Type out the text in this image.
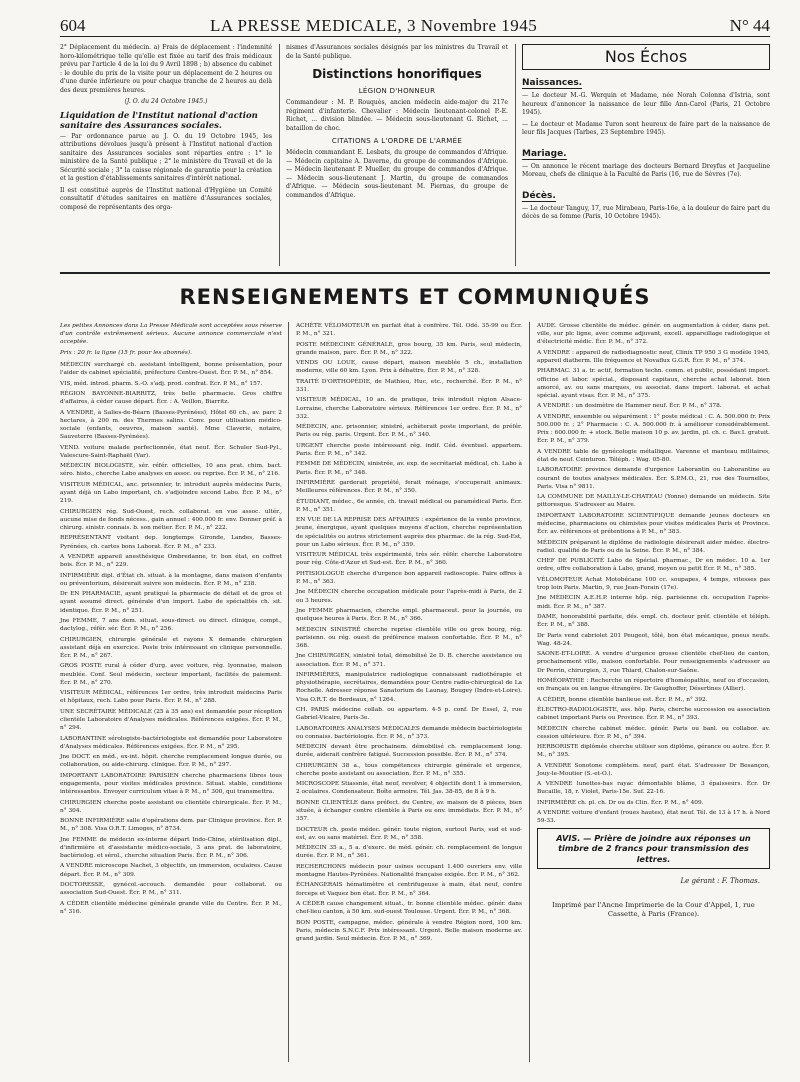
604	LA PRESSE MEDICALE, 3 Novembre 1945	N° 44

2° Déplacement du médecin. a) Frais de déplacement : l'indemnité horo-kilométrique telle qu'elle est fixée au tarif des frais médicaux prévu par l'article 4 de la loi du 9 Avril 1898 ; b) absence du cabinet : le double du prix de la visite pour un déplacement de 2 heures ou d'une durée inférieure ou pour chaque tranche de 2 heures au delà des deux premières heures.

(J. O. du 24 Octobre 1945.)

Liquidation de l'Institut national d'action sanitaire des Assurances sociales.

— Par ordonnance parue au J. O. du 19 Octobre 1945, les attributions dévolues jusqu'à présent à l'Institut national d'action sanitaire des Assurances sociales sont réparties entre : 1° le ministère de la Santé publique ; 2° le ministère du Travail et de la Sécurité sociale ; 3° la caisse régionale de garantie pour la création et la gestion d'établissements sanitaires d'intérêt national.

Il est constitué auprès de l'Institut national d'Hygiène un Comité consultatif d'études sanitaires en matière d'Assurances sociales, composé de représentants des orga-

nismes d'Assurances sociales désignés par les ministres du Travail et de la Santé publique.

Distinctions honorifiques
LÉGION D'HONNEUR

Commandeur : M. P. Rouquès, ancien médecin aide-major du 217e régiment d'infanterie. Chevalier : Médecin lieutenant-colonel P.-E. Richet, ... division blindée. — Médecin sous-lieutenant G. Richet, ... bataillon de choc.

CITATIONS A L'ORDRE DE L'ARMÉE

Médecin commandant E. Lesbats, du groupe de commandos d'Afrique. — Médecin capitaine A. Daverne, du groupe de commandos d'Afrique. — Médecin lieutenant P. Mueller, du groupe de commandos d'Afrique. — Médecin sous-lieutenant J. Martin, du groupe de commandos d'Afrique. — Médecin sous-lieutenant M. Piernas, du groupe de commandos d'Afrique.

Nos Échos
Naissances.

— Le docteur M.-G. Werquin et Madame, née Norah Colonna d'Istria, sont heureux d'annoncer la naissance de leur fille Ann-Carol (Paris, 21 Octobre 1945).

— Le docteur et Madame Turon sont heureux de faire part de la naissance de leur fils Jacques (Tarbes, 23 Septembre 1945).

Mariage.

— On annonce le récent mariage des docteurs Bernard Dreyfus et Jacqueline Moreau, chefs de clinique à la Faculté de Paris (16, rue de Sèvres (7e).

Décès.

— Le docteur Tanguy, 17, rue Mirabeau, Paris-16e, a la douleur de faire part du décès de sa femme (Paris, 10 Octobre 1945).

RENSEIGNEMENTS ET COMMUNIQUÉS

Les petites Annonces dans La Presse Médicale sont acceptées sous réserve d'un contrôle extrêmement sérieux. Aucune annonce commerciale n'est acceptée.

Prix : 20 fr. la ligne (15 fr. pour les abonnés).

MÉDECIN surchargé ch. assistant intelligent, bonne présentation, pour l'aider ds cabinet spécialité, préfecture Centre-Ouest. Écr. P. M., n° 854.

VIS, méd. introd. pharm. S.-O. s'adj. prod. confrat. Écr. P. M., n° 157.

RÉGION BAYONNE-BIARRITZ, très belle pharmacie. Gros chiffre d'affaires, à céder cause départ. Écr. : A. Veillon, Biarritz.

A VENDRE, à Salies-de-Béarn (Basses-Pyrénées), Hôtel 60 ch., av. parc 2 hectares, à 200 m. des Thermes salins. Conv. pour utilisation médico-sociale (enfants, oeuvres, maison santé). Mme Claverie, notaire, Sauveterre (Basses-Pyrénées).

VEND. voiture malade perfectionnée, état neuf. Écr. Schuler Sud-Pyl., Valescure-Saint-Raphaël (Var).

MÉDECIN BIOLOGISTE, sér. référ. officielles, 10 ans prat. chim. bact. séro. histo., cherche Labo analyses en assoc. ou reprise. Écr. P. M., n° 216.

VISITEUR MÉDICAL, anc. prisonnier, tr. introduit auprès médecins Paris, ayant déjà un Labo important, ch. s'adjoindre second Labo. Écr. P. M., n° 219.

CHIRURGIEN rég. Sud-Ouest, rech. collaborat. en vue assoc. ultér., aucune mise de fonds nécess., gain annuel : 400.000 fr. env. Donner préf. à chirurg. sinistr. connais. b. son métier. Écr. P. M., n° 222.

REPRÉSENTANT visitant dep. longtemps Gironde, Landes, Basses-Pyrénées, ch. cartes bons Laborat. Écr. P. M., n° 233.

A VENDRE appareil anesthésique Ombredanne, tr. bon état, en coffret bois. Écr. P. M., n° 229.

INFIRMIÈRE dipl. d'État ch. situat. à la montagne, dans maison d'enfants ou préventorium, désirerait suivre son médecin. Écr. P. M., n° 238.

Dr EN PHARMACIE, ayant pratiqué la pharmacie de détail et de gros et ayant assumé direct. générale d'un import. Labo de spécialités ch. sit. identique. Écr. P. M., n° 251.

Jne FEMME, 7 ans dem. situat. sous-direct. ou direct. clinique, compt., dactylog., référ. sér. Écr. P. M., n° 256.

CHIRURGIEN, chirurgie générale et rayons X demande chirurgien assistant déjà en exercice. Poste très intéressant en clinique personnelle. Écr. P. M., n° 267.

GROS POSTE rural à céder d'urg. avec voiture, rég. lyonnaise, maison meublée. Conf. Seul médecin, secteur important, facilités de paiement. Écr. P. M., n° 270.

VISITEUR MÉDICAL, références 1er ordre, très introduit médecins Paris et hôpitaux, rech. Labo pour Paris. Écr. P. M., n° 288.

UNE SECRÉTAIRE MÉDICALE (25 à 35 ans) est demandée pour réception clientèle Laboratoire d'Analyses médicales. Références exigées. Écr. P. M., n° 294.

LABORANTINE sérologiste-bactériologiste est demandée pour Laboratoire d'Analyses médicales. Références exigées. Écr. P. M., n° 295.

Jne DOCT. en méd., ex-int. hôpit. cherche remplacement longue durée, ou collaboration, ou aide-chirurg. clinique. Écr. P. M., n° 297.

IMPORTANT LABORATOIRE PARISIEN cherche pharmaciens libres tous engagements, pour visites médicales province. Situat. stable, conditions intéressantes. Envoyer curriculum vitae à P. M., n° 300, qui transmettra.

CHIRURGIEN cherche poste assistant ou clientèle chirurgicale. Écr. P. M., n° 304.

BONNE INFIRMIÈRE salle d'opérations dem. par Clinique province. Écr. P. M., n° 308. Visa O.R.T. Limoges, n° 8734.

Jne FEMME de médecin ex-interne départ Indo-Chine, stérilisation dipl., d'infirmière et d'assistante médico-sociale, 3 ans prat. de laboratoire, bactériolog. et sérol., cherche situation Paris. Écr. P. M., n° 306.

A VENDRE microscope Nachet, 3 objectifs, un immersion, oculaires. Cause départ. Écr. P. M., n° 309.

DOCTORESSE, gynécol.-accouch. demandée pour collaborat. ou association Sud-Ouest. Écr. P. M., n° 311.

A CÉDER clientèle médecine générale grande ville du Centre. Écr. P. M., n° 316.

ACHÈTE VÉLOMOTEUR en parfait état à confrère. Tél. Odé. 35-99 ou Écr. P. M., n° 321.

POSTE MÉDECINE GÉNÉRALE, gros bourg, 35 km. Paris, seul médecin, grande maison, parc. Écr. P. M., n° 322.

VENDS OU LOUE, cause départ, maison meublée 5 ch., installation moderne, ville 60 km. Lyon. Prix à débattre. Écr. P. M., n° 328.

TRAITÉ D'ORTHOPÉDIE, de Mathieu, Huc, etc., recherché. Écr. P. M., n° 331.

VISITEUR MÉDICAL, 10 an. de pratique, très introduit région Alsace-Lorraine, cherche Laboratoire sérieux. Références 1er ordre. Écr. P. M., n° 332.

MÉDECIN, anc. prisonnier, sinistré, achèterait poste important, de préfér. Paris ou rég. paris. Urgent. Écr. P. M., n° 340.

URGENT cherche poste intéressant rég. indif. Céd. éventuel. appartem. Paris. Écr. P. M., n° 342.

FEMME DE MÉDECIN, sinistrée, av. exp. de secrétariat médical, ch. Labo à Paris. Écr. P. M., n° 348.

INFIRMIÈRE garderait propriété, ferait ménage, s'occuperait animaux. Meilleures références. Écr. P. M., n° 350.

ÉTUDIANT, médec., 6e année, ch. travail médical ou paramédical Paris. Écr. P. M., n° 351.

EN VUE DE LA REPRISE DES AFFAIRES : expérience de la vente province, jeune, énergique, ayant quelques moyens d'action, cherche représentation de spécialités ou autres strictement auprès des pharmac. de la rég. Sud-Est, pour un Labo sérieux. Écr. P. M., n° 359.

VISITEUR MÉDICAL très expérimenté, très sér. référ. cherche Laboratoire pour rég. Côte-d'Azur et Sud-est. Écr. P. M., n° 360.

PHTISIOLOGUE cherche d'urgence bon appareil radioscopie. Faire offres à P. M., n° 363.

Jne MÉDECIN cherche occupation médicale pour l'après-midi à Paris, de 2 ou 3 heures.

Jne FEMME pharmacien, cherche empl. pharmaceut. pour la journée, ou quelques heures à Paris. Écr. P. M., n° 366.

MÉDECIN SINISTRÉ cherche reprise clientèle ville ou gros bourg, rég. parisienn. ou rég. ouest de préférence maison confortable. Écr. P. M., n° 368.

Jne CHIRURGIEN, sinistré total, démobilisé 2e D. B. cherche assistance ou association. Écr. P. M., n° 371.

INFIRMIÈRES, manipulatrice radiologique connaissant radiothérapie et physiothérapie, secrétaires, demandées pour Centre radio-chirurgical de La Rochelle. Adresser réponse Sanatorium de Launay, Bougey (Indre-et-Loire). Visa O.R.T. de Bordeaux, n° 1264.

CH. PARIS médecine collab. ou appartem. 4-5 p. conf. Dr Essel, 2, rue Gabriel-Vicaire, Paris-3e.

LABORATOIRES ANALYSES MÉDICALES demande médecin bactériologiste ou connaiss. bactériologie. Écr. P. M., n° 373.

MÉDECIN devant être prochainem. démobilisé ch. remplacement long. durée, aiderait confrère fatigué. Succession possible. Écr. P. M., n° 374.

CHIRURGIEN 38 a., tous compétences chirurgie générale et urgence, cherche poste assistant ou association. Écr. P. M., n° 355.

MICROSCOPE Stiassnie, état neuf, revolver, 4 objectifs dont 1 à immersion, 2 oculaires. Condensateur. Boîte armoire. Tél. Jas. 38-85, de 8 à 9 h.

BONNE CLIENTÈLE dans préfect. du Centre, av. maison de 8 pièces, bien située, à échanger contre clientèle à Paris ou env. immédiats. Écr. P. M., n° 357.

DOCTEUR ch. poste médec. génér. toute région, surtout Paris, sud et sud-est, av. ou sans matériel. Écr. P. M., n° 358.

MÉDECIN 35 a., 5 a. d'exerc. de méd. génér. ch. remplacement de longue durée. Écr. P. M., n° 361.

RECHERCHONS médecin pour usines occupant 1.400 ouvriers env. ville montagne Hautes-Pyrénées. Nationalité française exigée. Écr. P. M., n° 362.

ÉCHANGERAIS hématimètre et centrifugeuse à main, état neuf, contre forceps et Vaquez bon état. Écr. P. M., n° 364.

A CÉDER cause changement situat., tr. bonne clientèle médec. génér. dans chef-lieu canton, à 50 km. sud-ouest Toulouse. Urgent. Écr. P. M., n° 368.

BON POSTE, campagne, médec. générale à vendre Région nord, 100 km. Paris, médecin S.N.C.F. Prix intéressant. Urgent. Belle maison moderne av. grand jardin. Seul médecin. Écr. P. M., n° 369.

AUDE. Grosse clientèle de médec. génér. en augmentation à céder, dans pet. ville, sur plc ligne, avec comme adjuvant, excell. appareillage radiologique et d'électricité médic. Écr. P. M., n° 372.

A VENDRE : appareil de radiodiagnostic neuf, Clinix TP 950 3 G modèle 1945, appareil diatherm. Ille fréquence et Novaflux G.G.R. Écr. P. M., n° 374.

PHARMAC. 31 a. tr. actif, formation techn. comm. et public, possédant import. officine et labor. spécial., disposant capitaux, cherche achat laborat. bien amorcé, av. ou sans marques, ou associat. dans import. laborat. et achat spécial. ayant visas. Écr. P. M., n° 375.

A VENDRE : un dosimètre de Hammer neuf. Écr. P. M., n° 378.

A VENDRE, ensemble ou séparément : 1° poste médical : C. A. 500.000 fr. Prix 500.000 fr. ; 2° Pharmacie : C. A. 500.000 fr. à améliorer considérablement. Prix : 600.000 fr. + stock. Belle maison 10 p. av. jardin, pl. ch. c. Bav.I. gratuit. Écr. P. M., n° 379.

A VENDRE table de gynécologie métallique. Varenne et manteau militaires, état de neuf. Ceinturon. Téléph. : Wag. 05-80.

LABORATOIRE province demande d'urgence Laborantin ou Laborantine au courant de toutes analyses médicales. Écr. S.P.M.O., 21, rue des Tournelles, Paris. Visa n° 9811.

LA COMMUNE DE MAILLY-LE-CHATEAU (Yonne) demande un médecin. Site pittoresque. S'adresser au Maire.

IMPORTANT LABORATOIRE SCIENTIFIQUE demande jeunes docteurs en médecine, pharmaciens ou chimistes pour visites médicales Paris et Province. Écr. av. références et prétentions à P. M., n° 383.

MÉDECIN préparant le diplôme de radiologie désirerait aider médec. électro-radiol. qualifié de Paris ou de la Seine. Écr. P. M., n° 384.

CHEF DE PUBLICITÉ Labo de Spécial. pharmac., Dr en médec. 10 a. 1er ordre, offre collaboration à Labo, grand, moyen ou petit Écr. P. M., n° 385.

VÉLOMOTEUR Achat Motobécane 100 cc. soupapes, 4 temps, vitesses pas trop loin Paris. Martin, 9, rue Jean-Forain (17e).

Jne MÉDECIN A.E.H.P. interne hôp. rég. parisienne ch. occupation l'après-midi. Écr. P. M., n° 387.

DAME, honorabilité parfaite, dés. empl. ch. docteur préf. clientèle et téléph. Écr. P. M., n° 388.

Dr Paris vend cabriolet 201 Peugeot, tôlé, bon état mécanique, pneus neufs. Wag. 48-24.

SAONE-ET-LOIRE. A vendre d'urgence grosse clientèle chef-lieu de canton, prochainement ville, maison confortable. Pour renseignements s'adresser au Dr Perrin, chirurgien, 3, rue Thiard, Chalon-sur-Saône.

HOMÉOPATHIE : Recherche un répertoire d'homéopathie, neuf ou d'occasion, en français ou en langue étrangère. Dr Gaughoffer, Désertines (Allier).

A CÉDER, bonne clientèle banlieue est. Écr. P. M., n° 392.

ÉLECTRO-RADIOLOGISTE, ass. hôp. Paris, cherche succession ou association cabinet important Paris ou Province. Écr. P. M., n° 393.

MÉDECIN cherche cabinet médec. génér. Paris ou banl. ou collabor. av. cession ultérieure. Écr. P. M., n° 394.

HERBORISTE diplômée cherche utiliser son diplôme, gérance ou autre. Écr. P. M., n° 395.

A VENDRE Sonotone complètem. neuf, parf. état. S'adresser Dr Besançon, Jouy-le-Moutier (S.-et-O.).

A VENDRE lunettes-bas rayac démontable blâme, 3 épaisseurs. Écr. Dr Bucaille, 18, r. Violet, Paris-15e. Suf. 22-16.

INFIRMIÈRE ch. pl. ch. Dr ou ds Clin. Écr. P. M., n° 409.

A VENDRE voiture d'enfant (roues hautes), état neuf. Tél. de 13 à 17 h. à Nord 59-33.

AVIS. — Prière de joindre aux réponses un timbre de 2 francs pour transmission des lettres.
Le gérant : F. Thomas.
Imprimé par l'Ancne Imprimerie de la Cour d'Appel, 1, rue Cassette, à Paris (France).
